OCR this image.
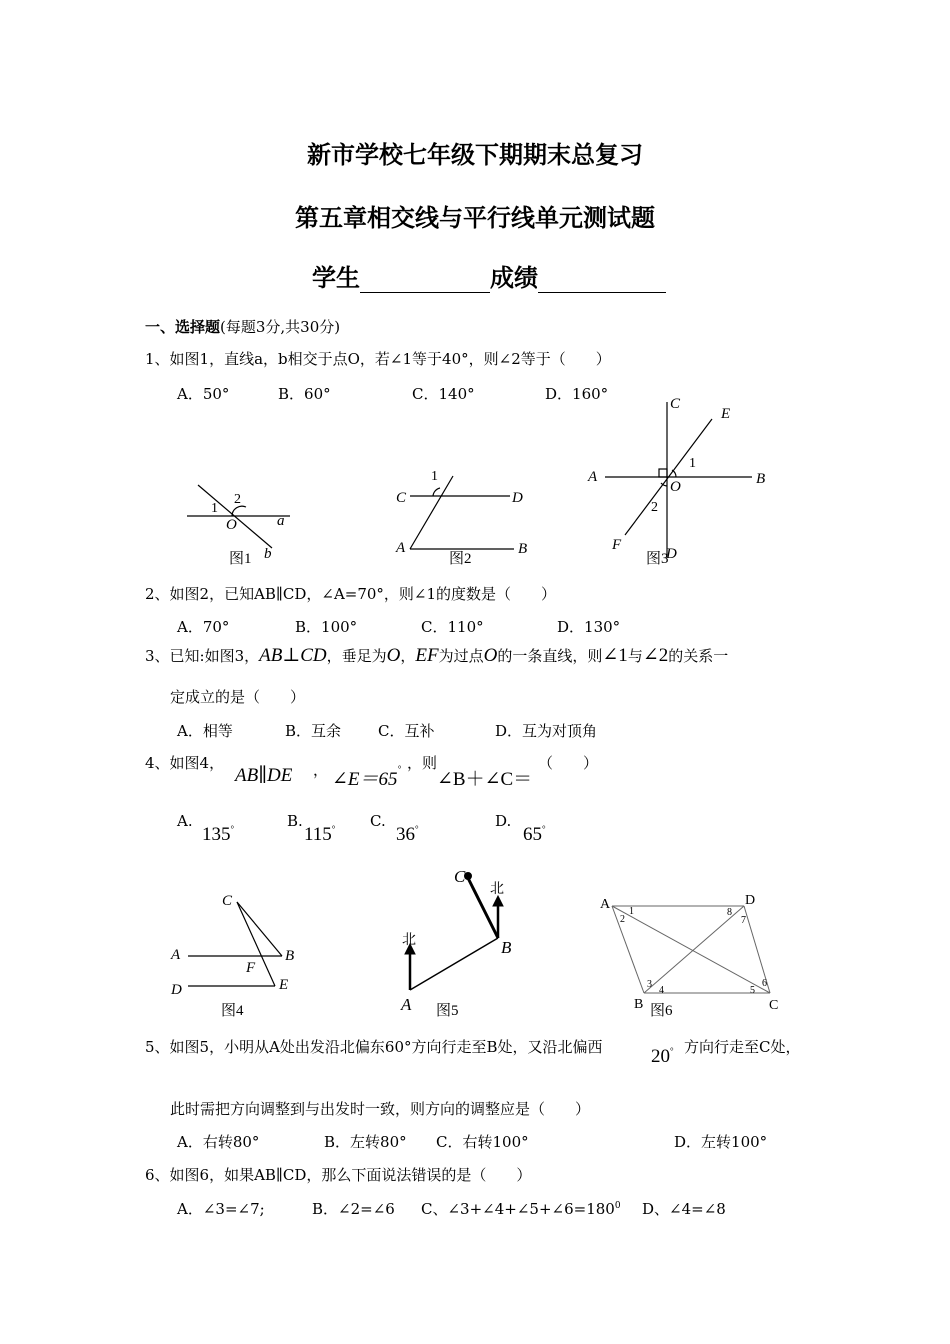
新市学校七年级下期期末总复习
第五章相交线与平行线单元测试题
学生	成绩
一、选择题(每题3分,共30分)
1、如图1，直线a，b相交于点O，若∠1等于40°，则∠2等于（　　）
A．50°	B．60°	C．140°	D．160°
1
2
O	a
b
图1
1
C	D
A	B
图2
C
E
A	B
O
1
2
F
D
图3
2、如图2，已知AB∥CD，∠A=70°，则∠1的度数是（　　）
A．70°	B．100°	C．110°	D．130°
3、已知:如图3，AB⊥CD，垂足为O，EF为过点O的一条直线，则∠1与∠2的关系一
定成立的是（　　）
A．相等	B．互余 C．互补	D．互为对顶角
4、如图4，
AB∥DE ， ∠E＝65° ，则
∠B＋∠C＝
（　　）
A.
135°	B.
115° C.
36°	D.
65°
C
A	B
F
D	E
图4
C
北
北	B
A 图5
A	D
B	C
1
2
3
4	5
6
7
8
图6
5、如图5，小明从A处出发沿北偏东60°方向行走至B处，又沿北偏西	20° 方向行走至C处，
此时需把方向调整到与出发时一致，则方向的调整应是（　　）
A．右转80°	B．左转80° C．右转100°	D．左转100°
6、如图6，如果AB∥CD，那么下面说法错误的是（　　）
A．∠3=∠7;	B．∠2=∠6 C、$\angle 3+\angle 4+\angle 5+\angle 6=180^0$ D、∠4=∠8
